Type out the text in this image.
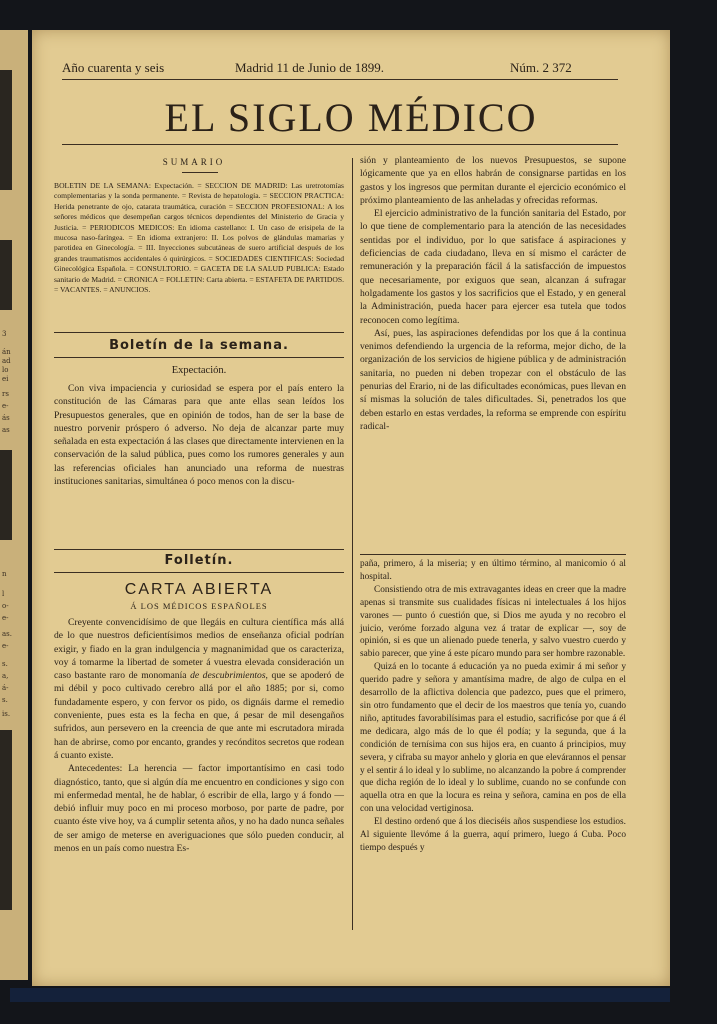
3
án
ad
lo
ei
rs
e-
ás
as
n
s.
a,
á-
s.
is.
as.
e-
l
o-
e-
Año cuarenta y seis	Madrid 11 de Junio de 1899.	Núm. 2 372
EL SIGLO MÉDICO
SUMARIO
BOLETIN DE LA SEMANA: Expectación. = SECCION DE MADRID: Las uretrotomías complementarias y la sonda permanente. = Revista de hepatología. = SECCION PRACTICA: Herida penetrante de ojo, catarata traumática, curación = SECCION PROFESIONAL: A los señores médicos que desempeñan cargos técnicos dependientes del Ministerio de Gracia y Justicia. = PERIODICOS MEDICOS: En idioma castellano: I. Un caso de erisipela de la mucosa naso-faríngea. = En idioma extranjero: II. Los polvos de glándulas mamarias y parotidea en Ginecología. = III. Inyecciones subcutáneas de suero artificial después de los grandes traumatismos accidentales ó quirúrgicos. = SOCIEDADES CIENTIFICAS: Sociedad Ginecológica Española. = CONSULTORIO. = GACETA DE LA SALUD PUBLICA: Estado sanitario de Madrid. = CRONICA = FOLLETIN: Carta abierta. = ESTAFETA DE PARTIDOS. = VACANTES. = ANUNCIOS.
Boletín de la semana.
Expectación.

Con viva impaciencia y curiosidad se espera por el país entero la constitución de las Cámaras para que ante ellas sean leídos los Presupuestos generales, que en opinión de todos, han de ser la base de nuestro porvenir próspero ó adverso. No deja de alcanzar parte muy señalada en esta expectación á las clases que directamente intervienen en la conservación de la salud pública, pues como los rumores generales y aun las referencias oficiales han anunciado una reforma de nuestras instituciones sanitarias, simultánea ó poco menos con la discu-

Folletín.
CARTA ABIERTA
Á LOS MÉDICOS ESPAÑOLES

Creyente convencidísimo de que llegáis en cultura científica más allá de lo que nuestros deficientísimos medios de enseñanza oficial podrían exigir, y fiado en la gran indulgencia y magnanimidad que os caracteriza, voy á tomarme la libertad de someter á vuestra elevada consideración un caso bastante raro de monomanía de descubrimientos, que se apoderó de mi débil y poco cultivado cerebro allá por el año 1885; por si, como fundadamente espero, y con fervor os pido, os dignáis darme el remedio conveniente, pues esta es la fecha en que, á pesar de mil desengaños sufridos, aun persevero en la creencia de que ante mi escrutadora mirada han de abrirse, como por encanto, grandes y recónditos secretos que rodean á cuanto existe.

Antecedentes: La herencia — factor importantísimo en casi todo diagnóstico, tanto, que si algún día me encuentro en condiciones y sigo con mi enfermedad mental, he de hablar, ó escribir de ella, largo y á fondo — debió influir muy poco en mi proceso morboso, por parte de padre, por cuanto éste vive hoy, va á cumplir setenta años, y no ha dado nunca señales de ser amigo de meterse en averiguaciones que sólo pueden conducir, al menos en un país como nuestra Es-

sión y planteamiento de los nuevos Presupuestos, se supone lógicamente que ya en ellos habrán de consignarse partidas en los gastos y los ingresos que permitan durante el ejercicio económico el próximo planteamiento de las anheladas y ofrecidas reformas.

El ejercicio administrativo de la función sanitaria del Estado, por lo que tiene de complementario para la atención de las necesidades sentidas por el individuo, por lo que satisface á aspiraciones y deficiencias de cada ciudadano, lleva en sí mismo el carácter de remuneración y la preparación fácil á la satisfacción de impuestos que necesariamente, por exiguos que sean, alcanzan á sufragar holgadamente los gastos y los sacrificios que el Estado, y en general la Administración, pueda hacer para ejercer esa tutela que todos reconocen como legítima.

Así, pues, las aspiraciones defendidas por los que á la continua venimos defendiendo la urgencia de la reforma, mejor dicho, de la organización de los servicios de higiene pública y de administración sanitaria, no pueden ni deben tropezar con el obstáculo de las penurias del Erario, ni de las dificultades económicas, pues llevan en sí mismas la solución de tales dificultades. Si, penetrados los que deben estarlo en estas verdades, la reforma se emprende con espíritu radical-

paña, primero, á la miseria; y en último término, al manicomio ó al hospital.

Consistiendo otra de mis extravagantes ideas en creer que la madre apenas si transmite sus cualidades físicas ni intelectuales á los hijos varones — punto ó cuestión que, si Dios me ayuda y no recobro el juicio, veróme forzado alguna vez á tratar de explicar —, soy de opinión, si es que un alienado puede tenerla, y salvo vuestro cuerdo y sabio parecer, que yine á este pícaro mundo para ser hombre razonable.

Quizá en lo tocante á educación ya no pueda eximir á mi señor y querido padre y señora y amantísima madre, de algo de culpa en el desarrollo de la aflictiva dolencia que padezco, pues que el primero, sin otro fundamento que el decir de los maestros que tenía yo, cuando niño, aptitudes favorabilísimas para el estudio, sacrificóse por que á él me dedicara, algo más de lo que él podía; y la segunda, que á la condición de ternísima con sus hijos era, en cuanto á principios, muy severa, y cifraba su mayor anhelo y gloria en que elevárannos el pensar y el sentir á lo ideal y lo sublime, no alcanzando la pobre á comprender que dicha región de lo ideal y lo sublime, cuando no se confunde con aquella otra en que la locura es reina y señora, camina en pos de ella con una velocidad vertiginosa.

El destino ordenó que á los dieciséis años suspendiese los estudios. Al siguiente llevóme á la guerra, aquí primero, luego á Cuba. Poco tiempo después y
